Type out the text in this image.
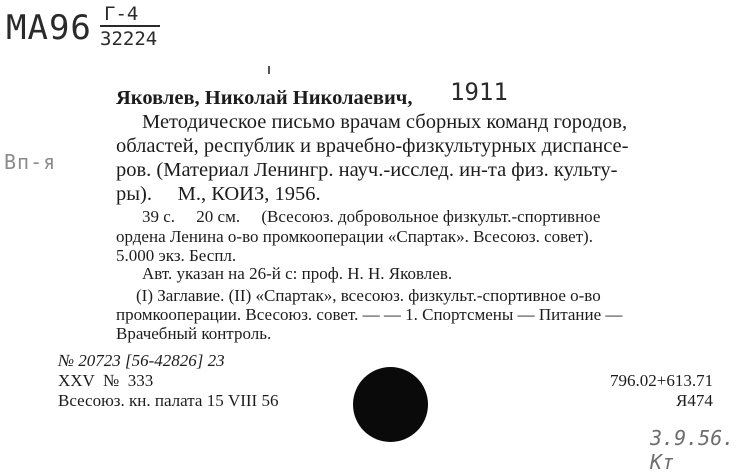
МА96 Г-4
32224
Вп-я
Яковлев, Николай Николаевич, 1911
Методическое письмо врачам сборных команд городов,
областей, республик и врачебно-физкультурных диспансе-
ров. (Материал Ленингр. науч.-исслед. ин-та физ. культу-
ры).     М., КОИЗ, 1956.
39 с.     20 см.     (Всесоюз. добровольное физкульт.-спортивное
ордена Ленина о-во промкооперации «Спартак». Всесоюз. совет).
5.000 экз. Беспл.
Авт. указан на 26-й с: проф. Н. Н. Яковлев.
(I) Заглавие. (II) «Спартак», всесоюз. физкульт.-спортивное о-во
промкооперации. Всесоюз. совет. — — 1. Спортсмены — Питание —
Врачебный контроль.
№ 20723 [56-42826] 23
XXV  №  333
Всесоюз. кн. палата 15 VIII 56
796.02+613.71
Я474
3.9.56. Кт
